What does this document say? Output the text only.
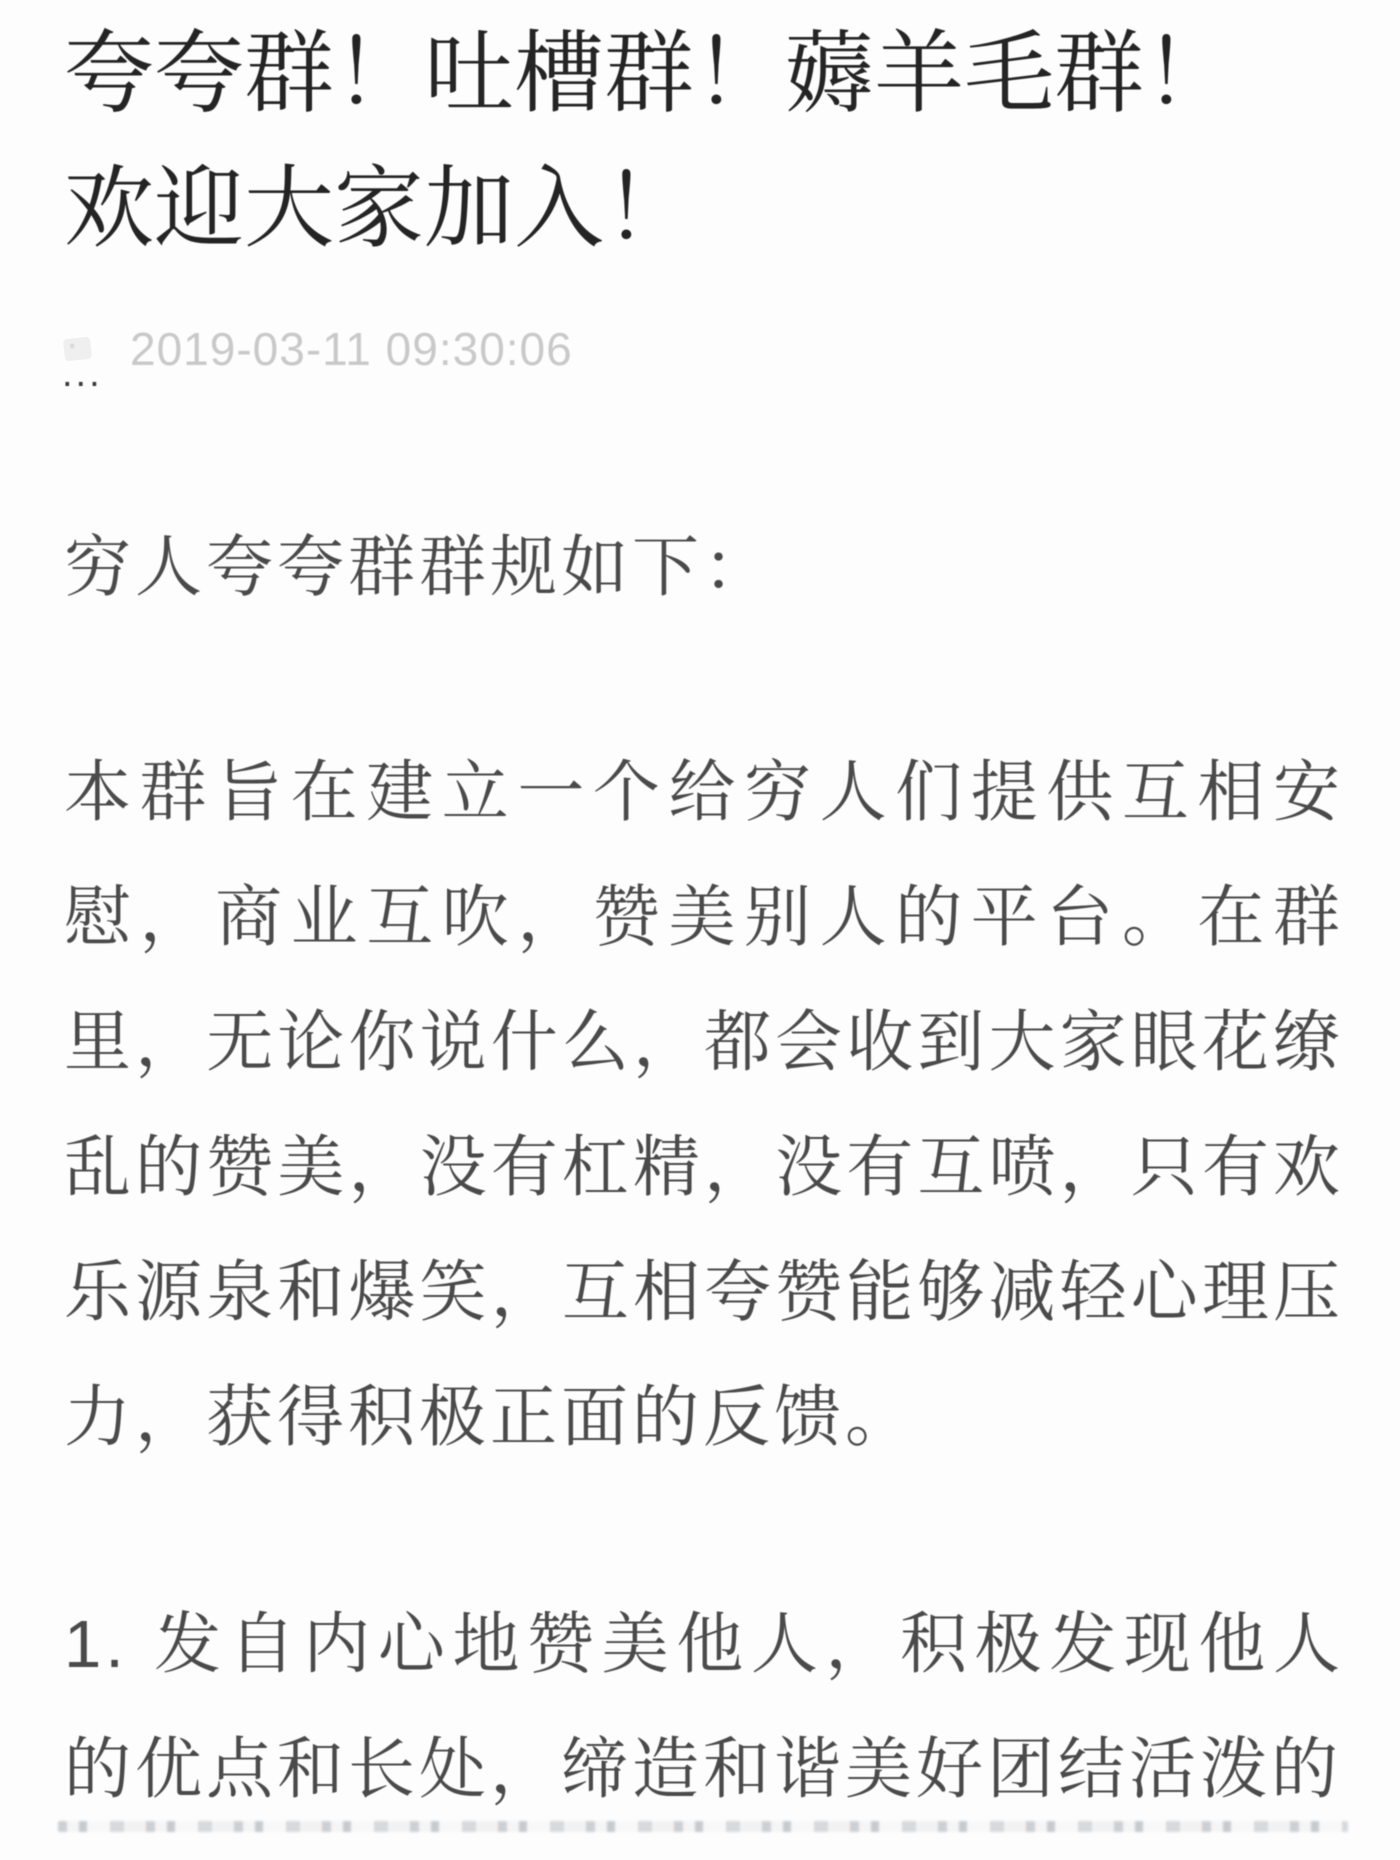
夸夸群！吐槽群！薅羊毛群！
欢迎大家加入！
... 2019-03-11 09:30:06
穷人夸夸群群规如下：
本群旨在建立一个给穷人们提供互相安
慰，商业互吹，赞美别人的平台。在群
里，无论你说什么，都会收到大家眼花缭
乱的赞美，没有杠精，没有互喷，只有欢
乐源泉和爆笑，互相夸赞能够减轻心理压
力，获得积极正面的反馈。
1. 发自内心地赞美他人，积极发现他人
的优点和长处，缔造和谐美好团结活泼的
